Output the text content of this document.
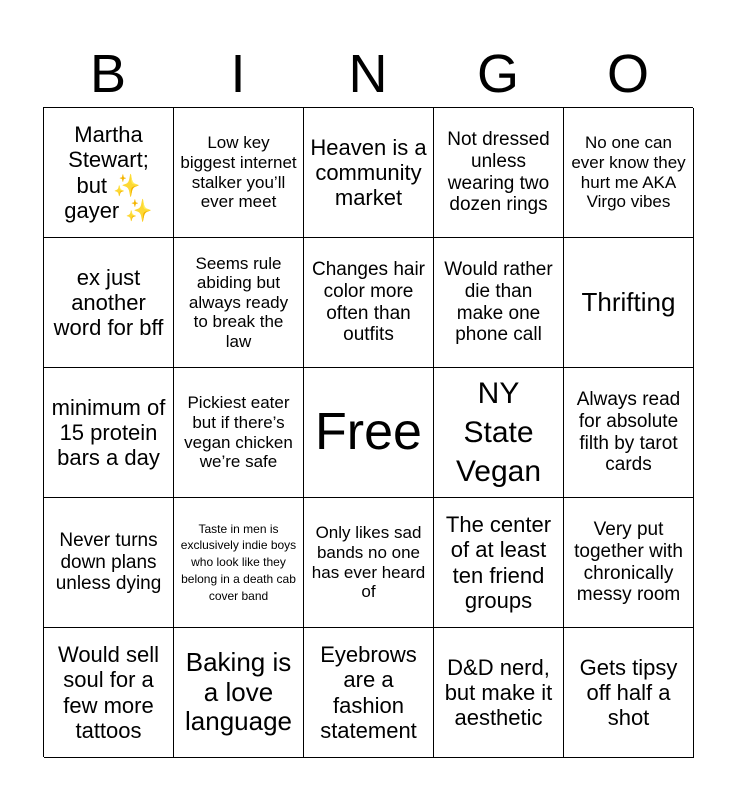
B	I	N	G	O
Martha Stewart; but ✨ gayer ✨
Low key biggest internet stalker you’ll ever meet
Heaven is a community market
Not dressed unless wearing two dozen rings
No one can ever know they hurt me AKA Virgo vibes
ex just another word for bff
Seems rule abiding but always ready to break the law
Changes hair color more often than outfits
Would rather die than make one phone call
Thrifting
minimum of 15 protein bars a day
Pickiest eater but if there’s vegan chicken we’re safe
Free
NY State Vegan
Always read for absolute filth by tarot cards
Never turns down plans unless dying
Taste in men is exclusively indie boys who look like they belong in a death cab cover band
Only likes sad bands no one has ever heard of
The center of at least ten friend groups
Very put together with chronically messy room
Would sell soul for a few more tattoos
Baking is a love language
Eyebrows are a fashion statement
D&D nerd, but make it aesthetic
Gets tipsy off half a shot
